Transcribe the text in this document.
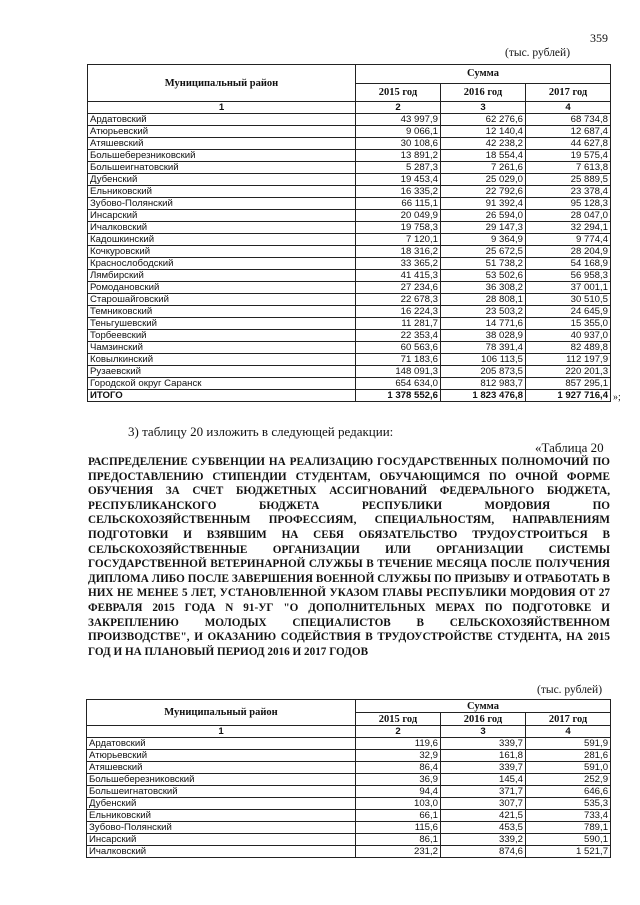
359
(тыс. рублей)
Муниципальный район	Сумма		
	2015 год	2016 год	2017 год
1	2	3	4
Ардатовский	43 997,9	62 276,6	68 734,8
Атюрьевский	9 066,1	12 140,4	12 687,4
Атяшевский	30 108,6	42 238,2	44 627,8
Большеберезниковский	13 891,2	18 554,4	19 575,4
Большеигнатовский	5 287,3	7 261,6	7 613,8
Дубенский	19 453,4	25 029,0	25 889,5
Ельниковский	16 335,2	22 792,6	23 378,4
Зубово-Полянский	66 115,1	91 392,4	95 128,3
Инсарский	20 049,9	26 594,0	28 047,0
Ичалковский	19 758,3	29 147,3	32 294,1
Кадошкинский	7 120,1	9 364,9	9 774,4
Кочкуровский	18 316,2	25 672,5	28 204,9
Краснослободский	33 365,2	51 738,2	54 168,9
Лямбирский	41 415,3	53 502,6	56 958,3
Ромодановский	27 234,6	36 308,2	37 001,1
Старошайговский	22 678,3	28 808,1	30 510,5
Темниковский	16 224,3	23 503,2	24 645,9
Теньгушевский	11 281,7	14 771,6	15 355,0
Торбеевский	22 353,4	38 028,9	40 937,0
Чамзинский	60 563,6	78 391,4	82 489,8
Ковылкинский	71 183,6	106 113,5	112 197,9
Рузаевский	148 091,3	205 873,5	220 201,3
Городской округ Саранск	654 634,0	812 983,7	857 295,1
ИТОГО	1 378 552,6	1 823 476,8	1 927 716,4 »;
3) таблицу 20 изложить в следующей редакции:
«Таблица 20
РАСПРЕДЕЛЕНИЕ СУБВЕНЦИИ НА РЕАЛИЗАЦИЮ ГОСУДАРСТВЕННЫХ ПОЛНОМОЧИЙ ПО ПРЕДОСТАВЛЕНИЮ СТИПЕНДИИ СТУДЕНТАМ, ОБУЧАЮЩИМСЯ ПО ОЧНОЙ ФОРМЕ ОБУЧЕНИЯ ЗА СЧЕТ БЮДЖЕТНЫХ АССИГНОВАНИЙ ФЕДЕРАЛЬНОГО БЮДЖЕТА, РЕСПУБЛИКАНСКОГО БЮДЖЕТА РЕСПУБЛИКИ МОРДОВИЯ ПО СЕЛЬСКОХОЗЯЙСТВЕННЫМ ПРОФЕССИЯМ, СПЕЦИАЛЬНОСТЯМ, НАПРАВЛЕНИЯМ ПОДГОТОВКИ И ВЗЯВШИМ НА СЕБЯ ОБЯЗАТЕЛЬСТВО ТРУДОУСТРОИТЬСЯ В СЕЛЬСКОХОЗЯЙСТВЕННЫЕ ОРГАНИЗАЦИИ ИЛИ ОРГАНИЗАЦИИ СИСТЕМЫ ГОСУДАРСТВЕННОЙ ВЕТЕРИНАРНОЙ СЛУЖБЫ В ТЕЧЕНИЕ МЕСЯЦА ПОСЛЕ ПОЛУЧЕНИЯ ДИПЛОМА ЛИБО ПОСЛЕ ЗАВЕРШЕНИЯ ВОЕННОЙ СЛУЖБЫ ПО ПРИЗЫВУ И ОТРАБОТАТЬ В НИХ НЕ МЕНЕЕ 5 ЛЕТ, УСТАНОВЛЕННОЙ УКАЗОМ ГЛАВЫ РЕСПУБЛИКИ МОРДОВИЯ ОТ 27 ФЕВРАЛЯ 2015 ГОДА N 91-УГ "О ДОПОЛНИТЕЛЬНЫХ МЕРАХ ПО ПОДГОТОВКЕ И ЗАКРЕПЛЕНИЮ МОЛОДЫХ СПЕЦИАЛИСТОВ В СЕЛЬСКОХОЗЯЙСТВЕННОМ ПРОИЗВОДСТВЕ", И ОКАЗАНИЮ СОДЕЙСТВИЯ В ТРУДОУСТРОЙСТВЕ СТУДЕНТА, НА 2015 ГОД И НА ПЛАНОВЫЙ ПЕРИОД 2016 И 2017 ГОДОВ
(тыс. рублей)
Муниципальный район	Сумма		
	2015 год	2016 год	2017 год
1	2	3	4
Ардатовский	119,6	339,7	591,9
Атюрьевский	32,9	161,8	281,6
Атяшевский	86,4	339,7	591,0
Большеберезниковский	36,9	145,4	252,9
Большеигнатовский	94,4	371,7	646,6
Дубенский	103,0	307,7	535,3
Ельниковский	66,1	421,5	733,4
Зубово-Полянский	115,6	453,5	789,1
Инсарский	86,1	339,2	590,1
Ичалковский	231,2	874,6	1 521,7
